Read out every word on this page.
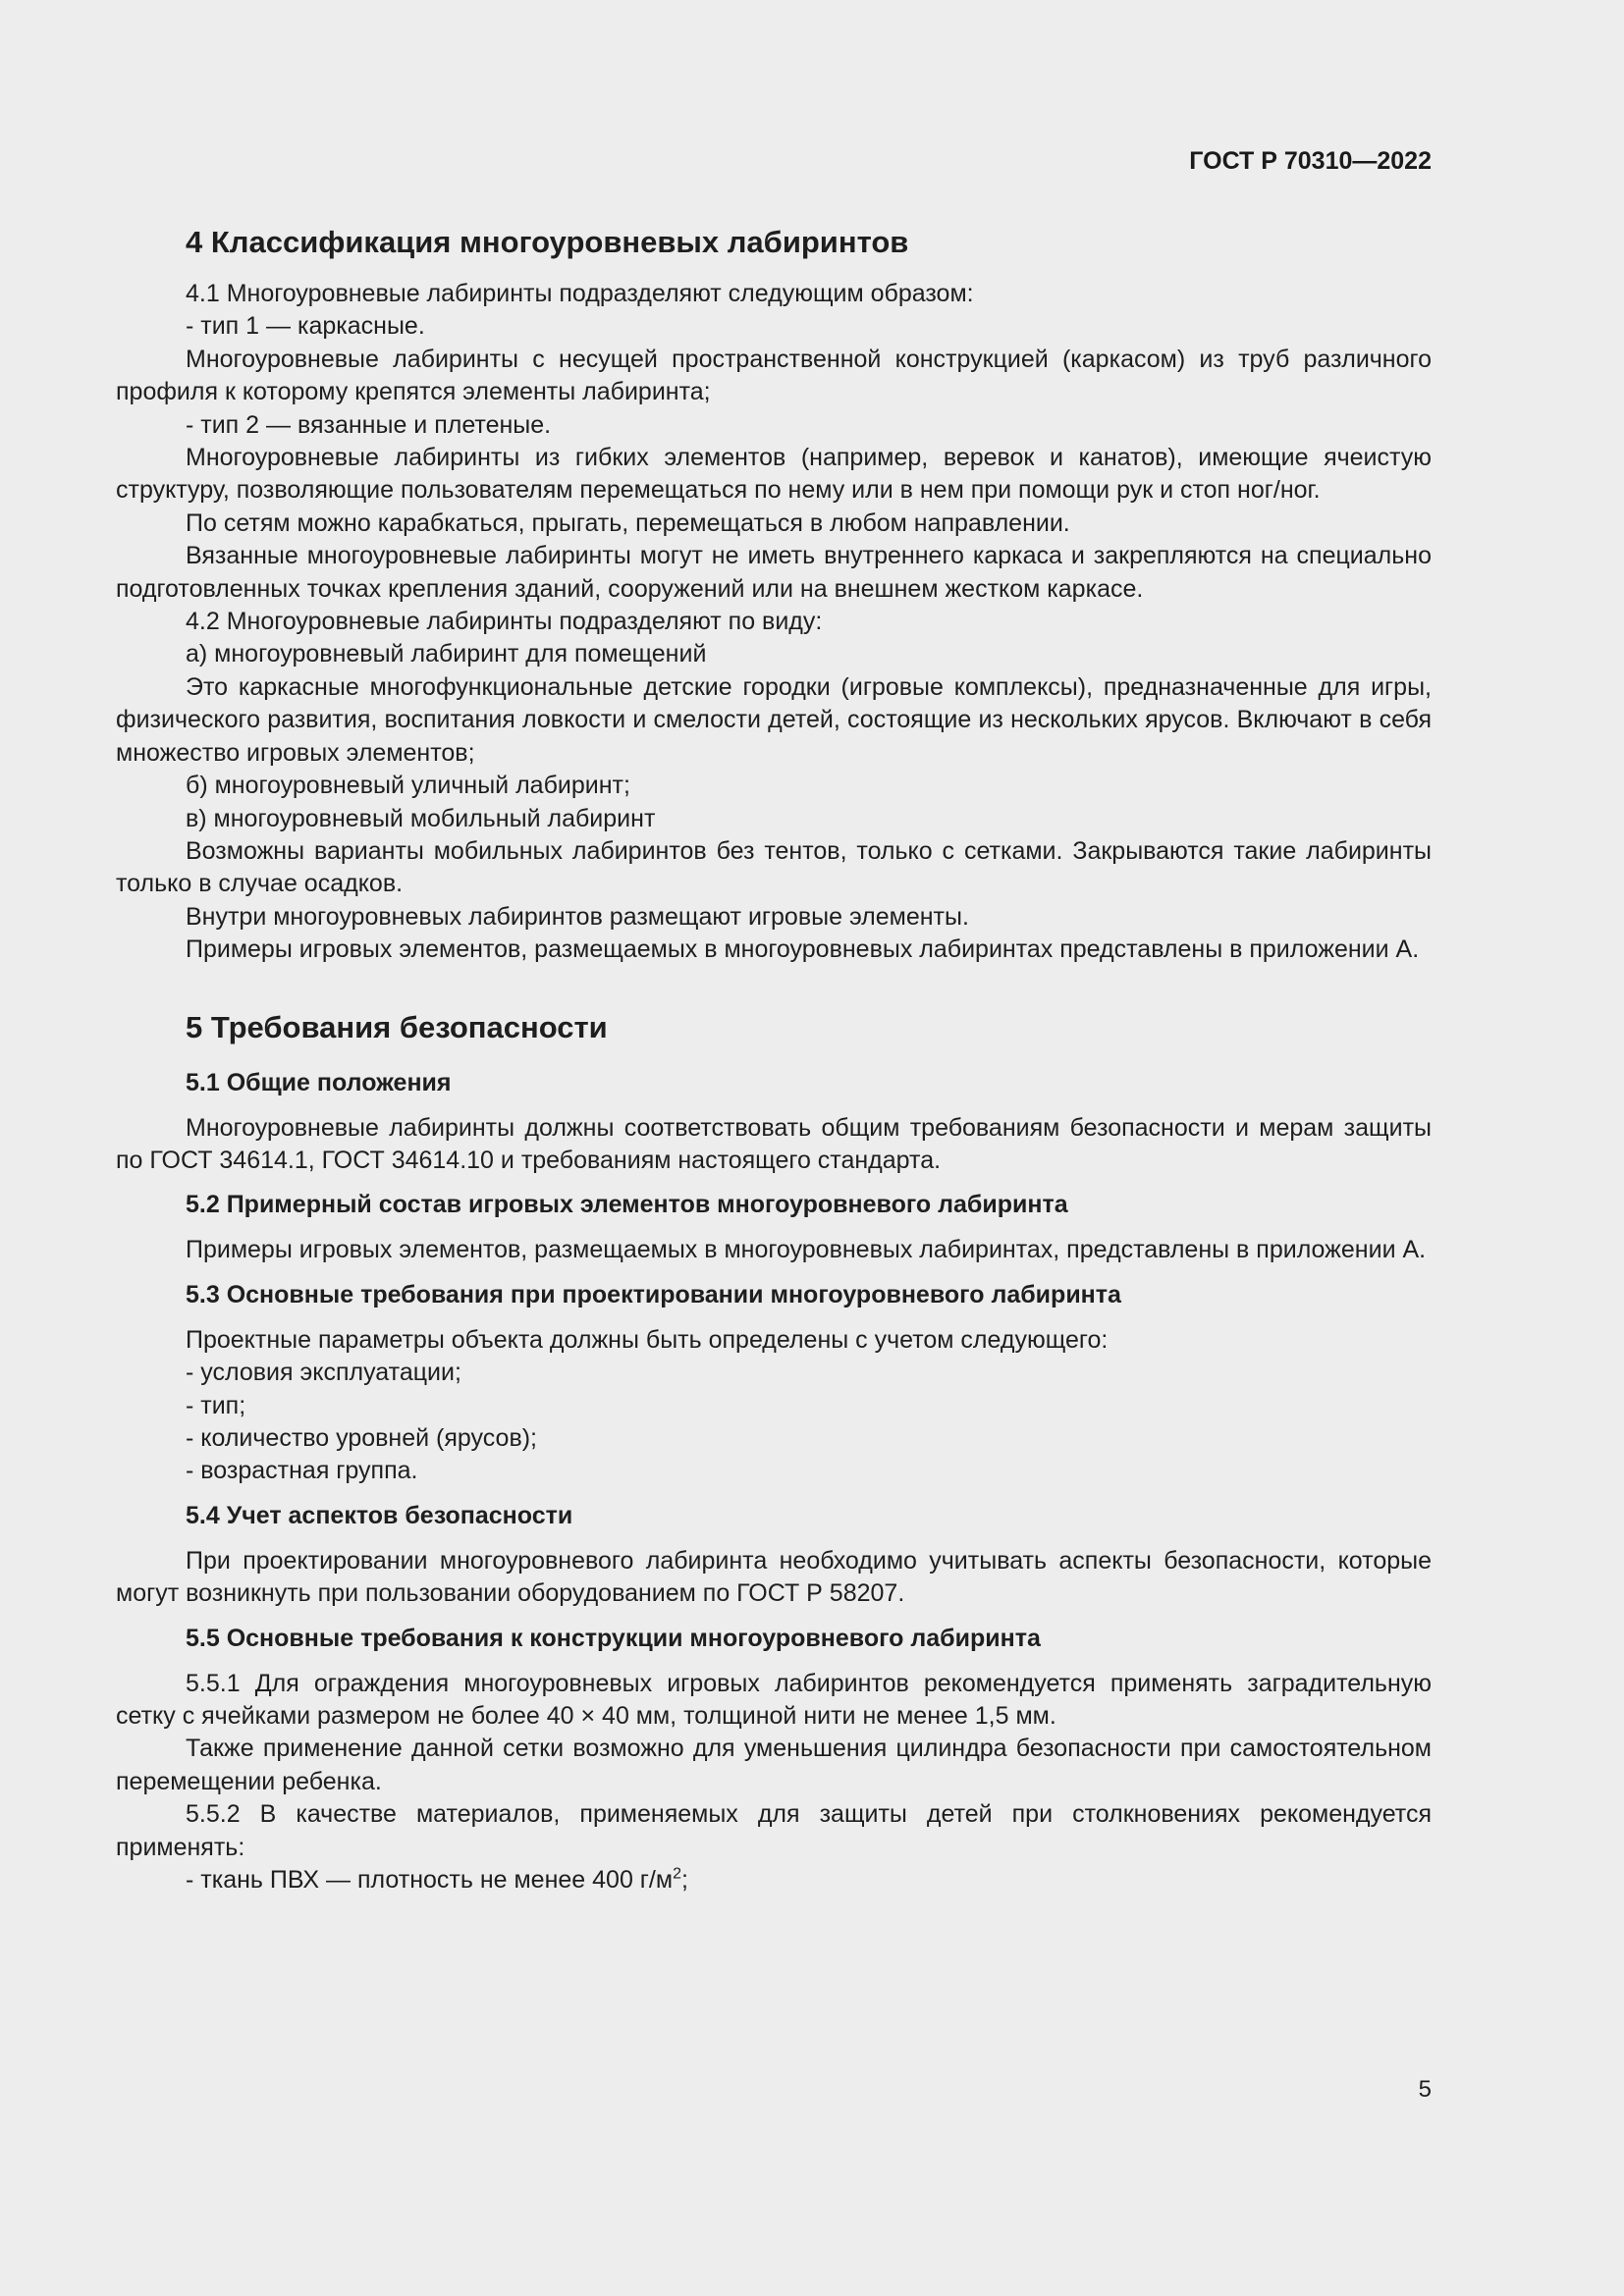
ГОСТ Р 70310—2022
4 Классификация многоуровневых лабиринтов

4.1 Многоуровневые лабиринты подразделяют следующим образом:

- тип 1 — каркасные.

Многоуровневые лабиринты с несущей пространственной конструкцией (каркасом) из труб различного профиля к которому крепятся элементы лабиринта;

- тип 2 — вязанные и плетеные.

Многоуровневые лабиринты из гибких элементов (например, веревок и канатов), имеющие ячеистую структуру, позволяющие пользователям перемещаться по нему или в нем при помощи рук и стоп ног/ног.

По сетям можно карабкаться, прыгать, перемещаться в любом направлении.

Вязанные многоуровневые лабиринты могут не иметь внутреннего каркаса и закрепляются на специально подготовленных точках крепления зданий, сооружений или на внешнем жестком каркасе.

4.2 Многоуровневые лабиринты подразделяют по виду:

а) многоуровневый лабиринт для помещений

Это каркасные многофункциональные детские городки (игровые комплексы), предназначенные для игры, физического развития, воспитания ловкости и смелости детей, состоящие из нескольких ярусов. Включают в себя множество игровых элементов;

б) многоуровневый уличный лабиринт;

в) многоуровневый мобильный лабиринт

Возможны варианты мобильных лабиринтов без тентов, только с сетками. Закрываются такие лабиринты только в случае осадков.

Внутри многоуровневых лабиринтов размещают игровые элементы.

Примеры игровых элементов, размещаемых в многоуровневых лабиринтах представлены в приложении А.

5 Требования безопасности
5.1 Общие положения

Многоуровневые лабиринты должны соответствовать общим требованиям безопасности и мерам защиты по ГОСТ 34614.1, ГОСТ 34614.10 и требованиям настоящего стандарта.

5.2 Примерный состав игровых элементов многоуровневого лабиринта

Примеры игровых элементов, размещаемых в многоуровневых лабиринтах, представлены в приложении А.

5.3 Основные требования при проектировании многоуровневого лабиринта

Проектные параметры объекта должны быть определены с учетом следующего:

- условия эксплуатации;

- тип;

- количество уровней (ярусов);

- возрастная группа.

5.4 Учет аспектов безопасности

При проектировании многоуровневого лабиринта необходимо учитывать аспекты безопасности, которые могут возникнуть при пользовании оборудованием по ГОСТ Р 58207.

5.5 Основные требования к конструкции многоуровневого лабиринта

5.5.1 Для ограждения многоуровневых игровых лабиринтов рекомендуется применять заградительную сетку с ячейками размером не более 40 × 40 мм, толщиной нити не менее 1,5 мм.

Также применение данной сетки возможно для уменьшения цилиндра безопасности при самостоятельном перемещении ребенка.

5.5.2 В качестве материалов, применяемых для защиты детей при столкновениях рекомендуется применять:

- ткань ПВХ — плотность не менее 400 $г/м^2$;

5
